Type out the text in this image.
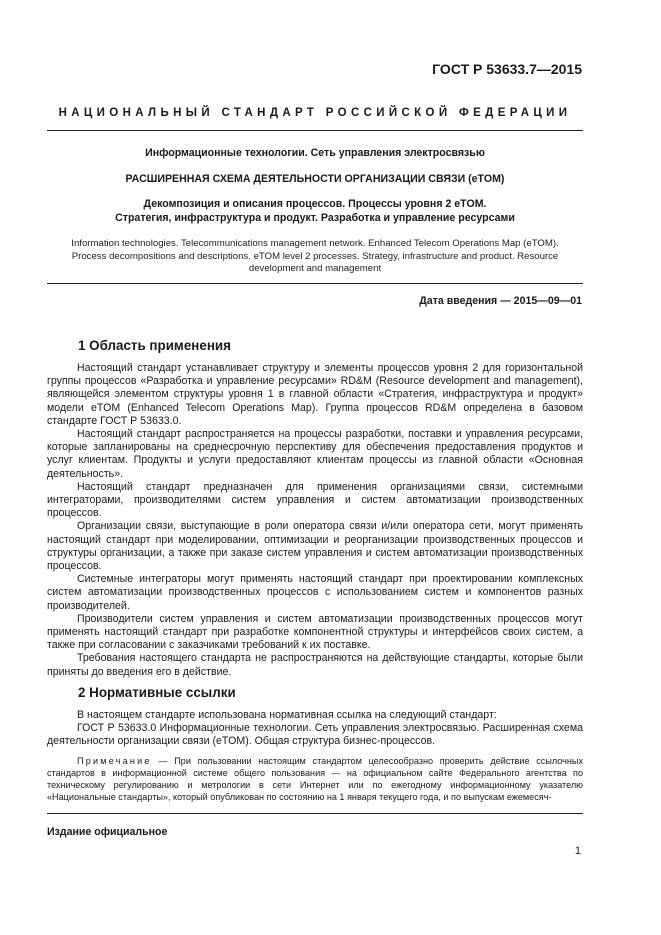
ГОСТ Р 53633.7—2015
НАЦИОНАЛЬНЫЙ СТАНДАРТ РОССИЙСКОЙ ФЕДЕРАЦИИ
Информационные технологии. Сеть управления электросвязью
РАСШИРЕННАЯ СХЕМА ДЕЯТЕЛЬНОСТИ ОРГАНИЗАЦИИ СВЯЗИ (eTOM)
Декомпозиция и описания процессов. Процессы уровня 2 eTOM.
Стратегия, инфраструктура и продукт. Разработка и управление ресурсами
Information technologies. Telecommunications management network. Enhanced Telecom Operations Map (eTOM). Process decompositions and descriptions. eTOM level 2 processes. Strategy, infrastructure and product. Resource development and management
Дата введения — 2015—09—01
1 Область применения

Настоящий стандарт устанавливает структуру и элементы процессов уровня 2 для горизонтальной группы процессов «Разработка и управление ресурсами» RD&M (Resource development and management), являющейся элементом структуры уровня 1 в главной области «Стратегия, инфраструктура и продукт» модели eTOM (Enhanced Telecom Operations Map). Группа процессов RD&M определена в базовом стандарте ГОСТ Р 53633.0.

Настоящий стандарт распространяется на процессы разработки, поставки и управления ресурсами, которые запланированы на среднесрочную перспективу для обеспечения предоставления продуктов и услуг клиентам. Продукты и услуги предоставляют клиентам процессы из главной области «Основная деятельность».

Настоящий стандарт предназначен для применения организациями связи, системными интеграторами, производителями систем управления и систем автоматизации производственных процессов.

Организации связи, выступающие в роли оператора связи и/или оператора сети, могут применять настоящий стандарт при моделировании, оптимизации и реорганизации производственных процессов и структуры организации, а также при заказе систем управления и систем автоматизации производственных процессов.

Системные интеграторы могут применять настоящий стандарт при проектировании комплексных систем автоматизации производственных процессов с использованием систем и компонентов разных производителей.

Производители систем управления и систем автоматизации производственных процессов могут применять настоящий стандарт при разработке компонентной структуры и интерфейсов своих систем, а также при согласовании с заказчиками требований к их поставке.

Требования настоящего стандарта не распространяются на действующие стандарты, которые были приняты до введения его в действие.

2 Нормативные ссылки

В настоящем стандарте использована нормативная ссылка на следующий стандарт:

ГОСТ Р 53633.0 Информационные технологии. Сеть управления электросвязью. Расширенная схема деятельности организации связи (eTOM). Общая структура бизнес-процессов.

Примечание — При пользовании настоящим стандартом целесообразно проверить действие ссылочных стандартов в информационной системе общего пользования — на официальном сайте Федерального агентства по техническому регулированию и метрологии в сети Интернет или по ежегодному информационному указателю «Национальные стандарты», который опубликован по состоянию на 1 января текущего года, и по выпускам ежемесяч-

Издание официальное
1
